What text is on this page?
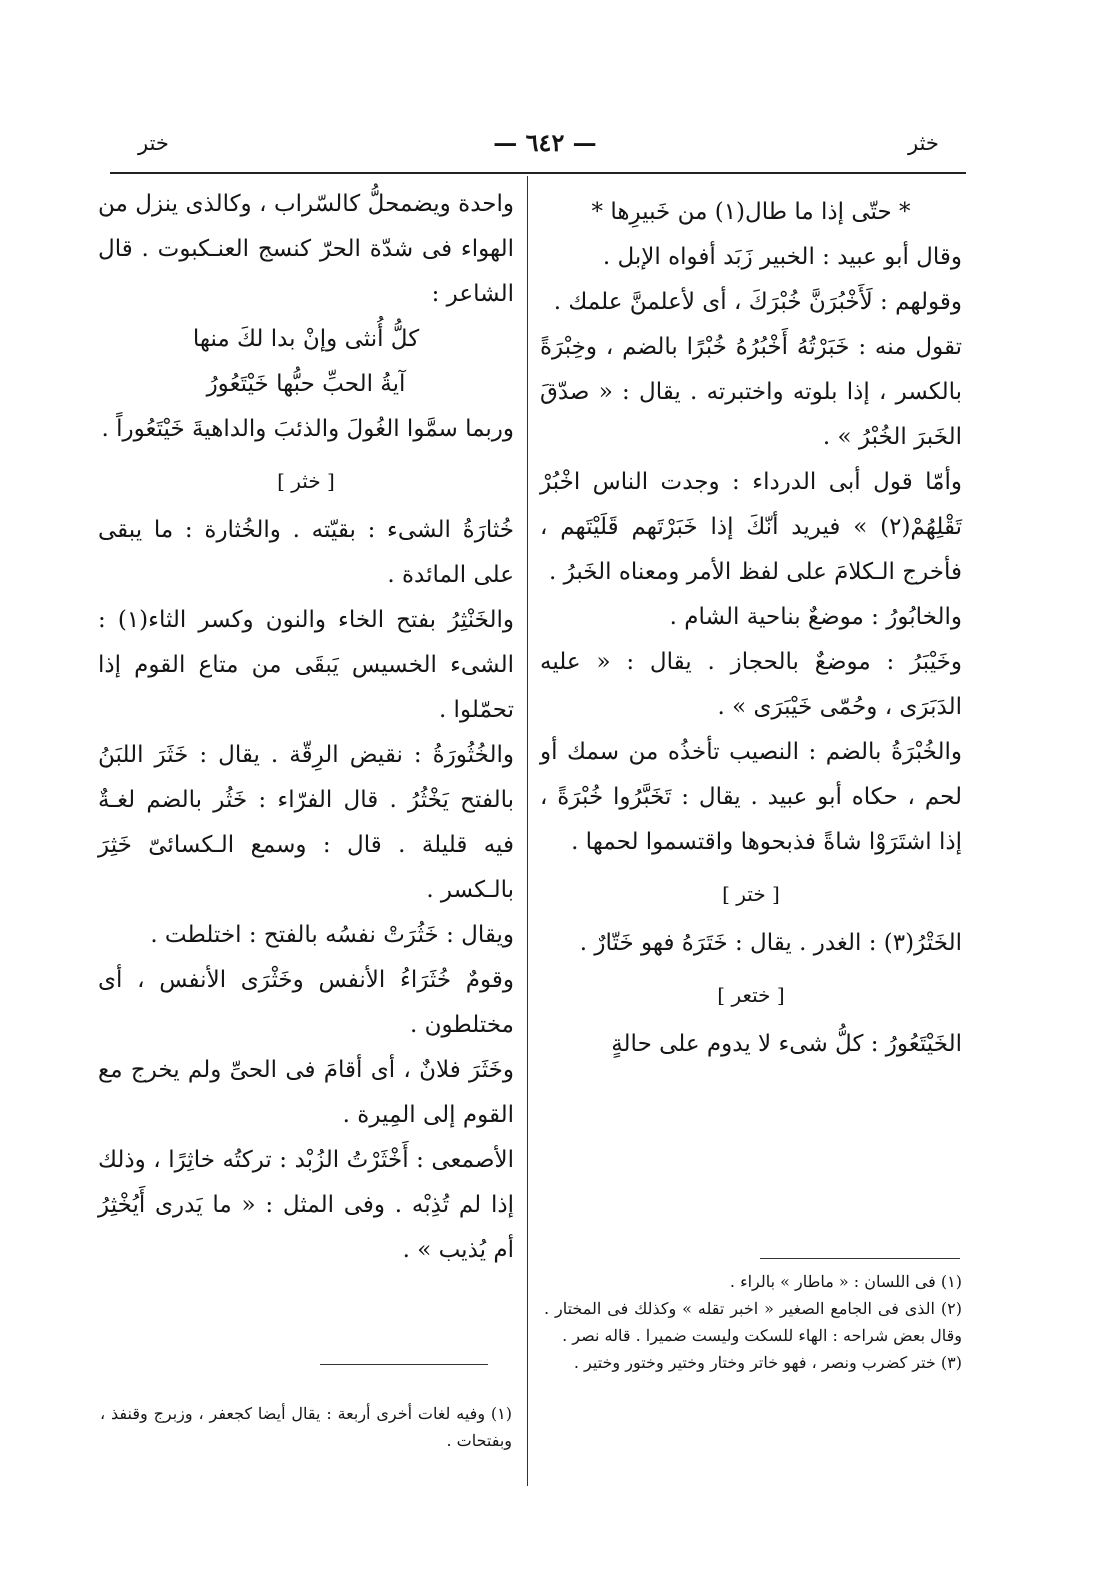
ختر	— ٦٤٢ —	خثر

* حتّى إذا ما طال(١) من خَبيرِها *

وقال أبو عبيد : الخبير زَبَد أفواه الإبل .

وقولهم : لَأَخْبُرَنَّ خُبْرَكَ ، أى لأعلمنَّ علمك .

تقول منه : خَبَرْتُهُ أَخْبُرُهُ خُبْرًا بالضم ، وخِبْرَةً بالكسر ، إذا بلوته واختبرته . يقال : « صدّقَ الخَبرَ الخُبْرُ » .

وأمّا قول أبى الدرداء : وجدت الناس اخْبُرْ تَقْلِهُمْ(٢) » فيريد أنّكَ إذا خَبَرْتَهم قَلَيْتَهم ، فأخرج الـكلامَ على لفظ الأمر ومعناه الخَبرُ .

والخابُورُ : موضعٌ بناحية الشام .

وخَيْبَرُ : موضعٌ بالحجاز . يقال : « عليه الدَبَرَى ، وحُمّى خَيْبَرَى » .

والخُبْرَةُ بالضم : النصيب تأخذُه من سمك أو لحم ، حكاه أبو عبيد . يقال : تَخَبَّرُوا خُبْرَةً ، إذا اشتَرَوْا شاةً فذبحوها واقتسموا لحمها .

[ ختر ]

الخَتْرُ(٣) : الغدر . يقال : خَتَرَهُ فهو خَتّارٌ .

[ ختعر ]

الخَيْتَعُورُ : كلُّ شىء لا يدوم على حالةٍ

واحدة ويضمحلُّ كالسّراب ، وكالذى ينزل من الهواء فى شدّة الحرّ كنسج العنـكبوت . قال الشاعر :

كلُّ أُنثى وإنْ بدا لكَ منها

آيةُ الحبِّ حبُّها خَيْتَعُورُ

وربما سمَّوا الغُولَ والذئبَ والداهيةَ خَيْتَعُوراً .

[ خثر ]

خُثارَةُ الشىء : بقيّته . والخُثارة : ما يبقى على المائدة .

والخَنْثِرُ بفتح الخاء والنون وكسر الثاء(١) : الشىء الخسيس يَبقَى من متاع القوم إذا تحمّلوا .

والخُثُورَةُ : نقيض الرِقّة . يقال : خَثَرَ اللبَنُ بالفتح يَخْثُرُ . قال الفرّاء : خَثُر بالضم لغـةٌ فيه قليلة . قال : وسمع الـكسائىّ خَثِرَ بالـكسر .

ويقال : خَثُرَتْ نفسُه بالفتح : اختلطت .

وقومٌ خُثَرَاءُ الأنفس وخَثْرَى الأنفس ، أى مختلطون .

وخَثَرَ فلانٌ ، أى أقامَ فى الحىِّ ولم يخرج مع القوم إلى المِيرة .

الأصمعى : أَخْثَرْتُ الزُبْد : تركتُه خاثِرًا ، وذلك إذا لم تُذِبْه . وفى المثل : « ما يَدرى أَيُخْثِرُ أم يُذيب » .

(١) وفيه لغات أخرى أربعة : يقال أيضا كجعفر ، وزبرج وقنفذ ، وبفتحات .

(١) فى اللسان : « ماطار » بالراء .

(٢) الذى فى الجامع الصغير « اخبر تقله » وكذلك فى المختار . وقال بعض شراحه : الهاء للسكت وليست ضميرا . قاله نصر .

(٣) ختر كضرب ونصر ، فهو خاتر وختار وختير وختور وختير .
